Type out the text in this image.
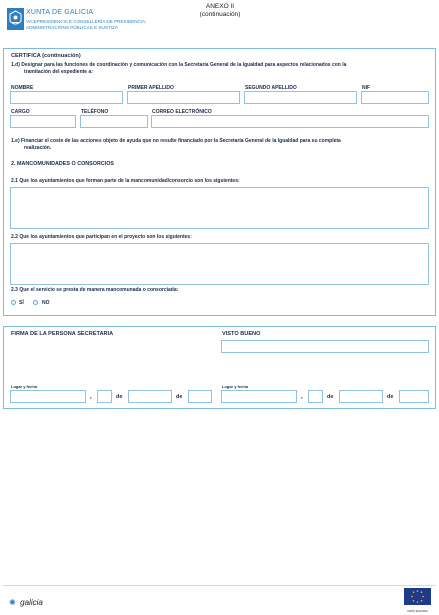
XUNTA DE GALICIA
VICEPRESIDENCIA E CONSELLERÍA DE PRESIDENCIA,
ADMINISTRACIÓNS PÚBLICAS E XUSTIZA
ANEXO II
(continuación)
CERTIFICA (continuación)
1.d) Designar para las funciones de coordinación y comunicación con la Secretaría General de la Igualdad para aspectos relacionados con la
tramitación del expediente a:
NOMBRE	PRIMER APELLIDO	SEGUNDO APELLIDO	NIF
CARGO	TELÉFONO	CORREO ELECTRÓNICO
1.e) Financiar el coste de las acciones objeto de ayuda que no resulte financiado por la Secretaría General de la Igualdad para su completa
realización.
2. MANCOMUNIDADES O CONSORCIOS
2.1 Que los ayuntamientos que forman parte de la mancomunidad/consorcio son los siguientes:
2.2 Que los ayuntamientos que participan en el proyecto son los siguientes:
2.3 Que el servicio se presta de manera mancomunada o consorciada:
SÍ	NO
FIRMA DE LA PERSONA SECRETARIA	VISTO BUENO
Lugar y fecha
,	de	de
Lugar y fecha
,	de	de
✺ galicia
UNIÓN EUROPEA
